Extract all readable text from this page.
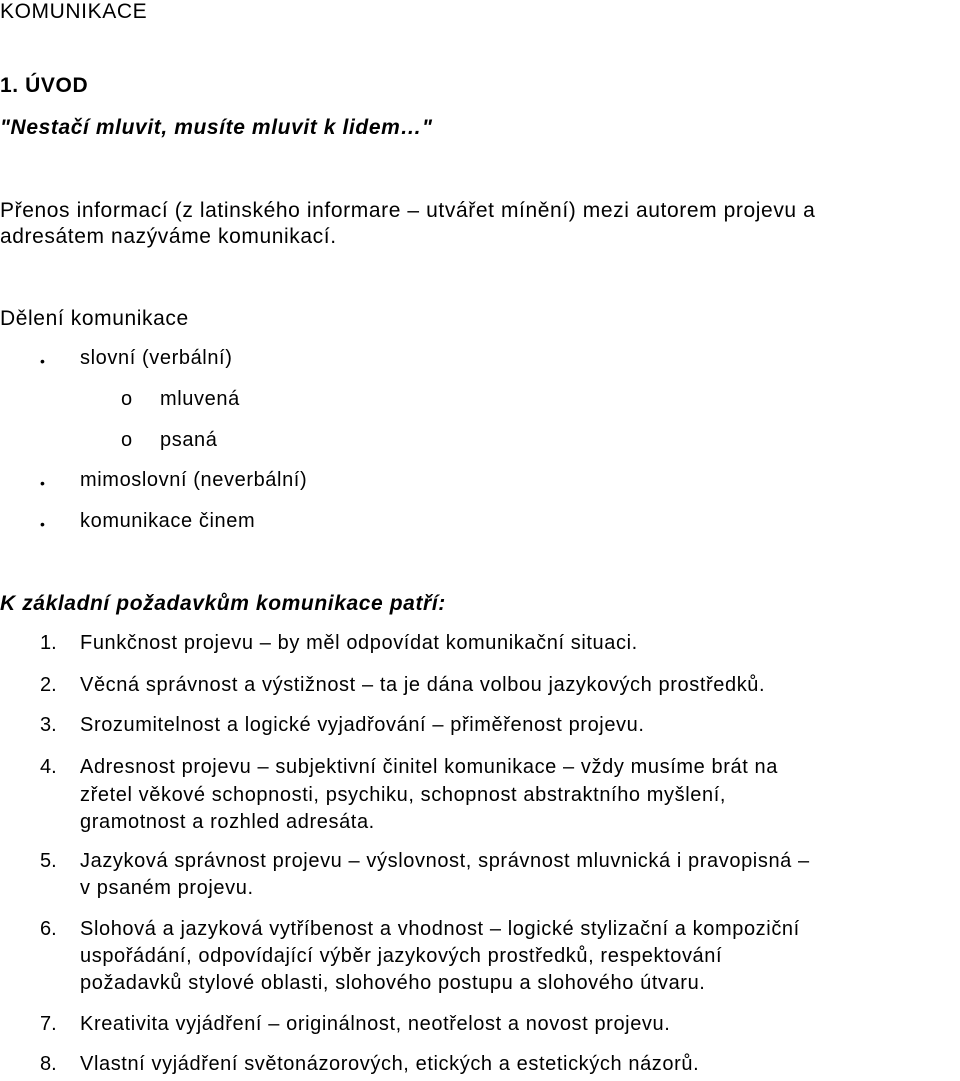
KOMUNIKACE
1. ÚVOD
"Nestačí mluvit, musíte mluvit k lidem…"
Přenos informací (z latinského informare – utvářet mínění) mezi autorem projevu a
adresátem nazýváme komunikací.
Dělení komunikace
• slovní (verbální)
o mluvená
o psaná
• mimoslovní (neverbální)
• komunikace činem
K základní požadavkům komunikace patří:
1. Funkčnost projevu – by měl odpovídat komunikační situaci.
2. Věcná správnost a výstižnost – ta je dána volbou jazykových prostředků.
3. Srozumitelnost a logické vyjadřování – přiměřenost projevu.
4. Adresnost projevu – subjektivní činitel komunikace – vždy musíme brát na
zřetel věkové schopnosti, psychiku, schopnost abstraktního myšlení,
gramotnost a rozhled adresáta.
5. Jazyková správnost projevu – výslovnost, správnost mluvnická i pravopisná –
v psaném projevu.
6. Slohová a jazyková vytříbenost a vhodnost – logické stylizační a kompoziční
uspořádání, odpovídající výběr jazykových prostředků, respektování
požadavků stylové oblasti, slohového postupu a slohového útvaru.
7. Kreativita vyjádření – originálnost, neotřelost a novost projevu.
8. Vlastní vyjádření světonázorových, etických a estetických názorů.
